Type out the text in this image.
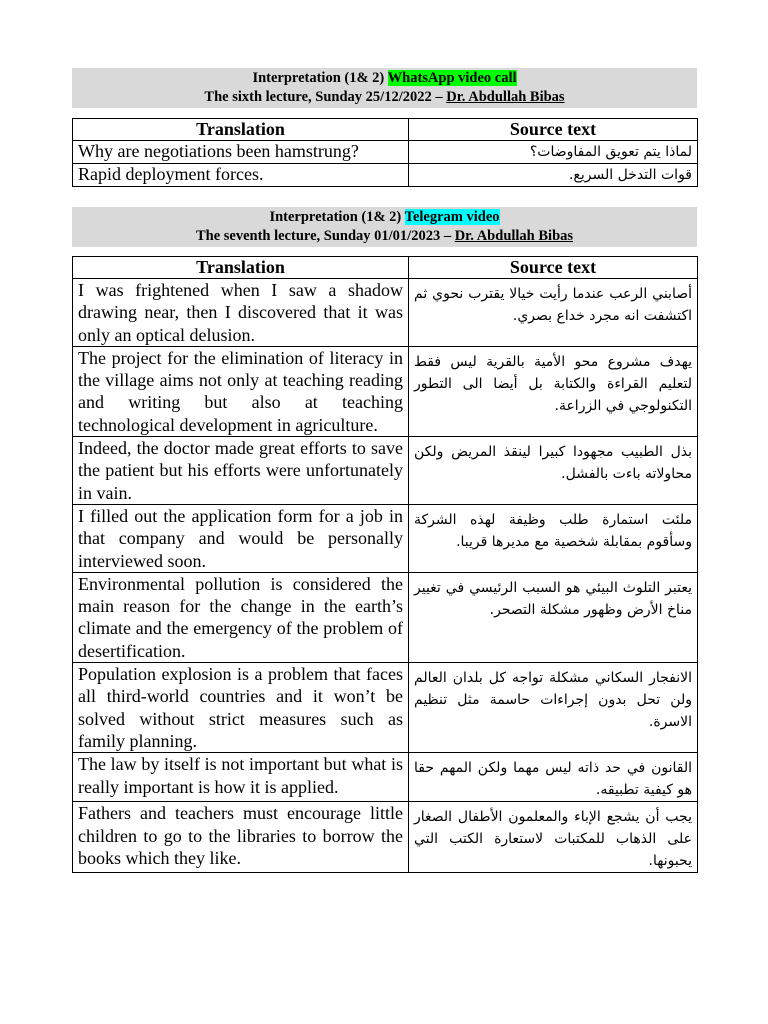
Interpretation (1& 2) WhatsApp video call
The sixth lecture, Sunday 25/12/2022 – Dr. Abdullah Bibas
Translation	Source text
Why are negotiations been hamstrung?	لماذا يتم تعويق المفاوضات؟
Rapid deployment forces.	قوات التدخل السريع.
Interpretation (1& 2) Telegram video
The seventh lecture, Sunday 01/01/2023 – Dr. Abdullah Bibas
Translation	Source text
I was frightened when I saw a shadow drawing near, then I discovered that it was only an optical delusion.	أصابني الرعب عندما رأيت خيالا يقترب نحوي ثم اكتشفت انه مجرد خداع بصري.
The project for the elimination of literacy in the village aims not only at teaching reading and writing but also at teaching technological development in agriculture.	يهدف مشروع محو الأمية بالقرية ليس فقط لتعليم القراءة والكتابة بل أيضا الى التطور التكنولوجي في الزراعة.
Indeed, the doctor made great efforts to save the patient but his efforts were unfortunately in vain.	بذل الطبيب مجهودا كبيرا لينقذ المريض ولكن محاولاته باءت بالفشل.
I filled out the application form for a job in that company and would be personally interviewed soon.	ملئت استمارة طلب وظيفة لهذه الشركة وسأقوم بمقابلة شخصية مع مديرها قريبا.
Environmental pollution is considered the main reason for the change in the earth’s climate and the emergency of the problem of desertification.	يعتبر التلوث البيئي هو السبب الرئيسي في تغيير مناخ الأرض وظهور مشكلة التصحر.
Population explosion is a problem that faces all third-world countries and it won’t be solved without strict measures such as family planning.	الانفجار السكاني مشكلة تواجه كل بلدان العالم ولن تحل بدون إجراءات حاسمة مثل تنظيم الاسرة.
The law by itself is not important but what is really important is how it is applied.	القانون في حد ذاته ليس مهما ولكن المهم حقا هو كيفية تطبيقه.
Fathers and teachers must encourage little children to go to the libraries to borrow the books which they like.	يجب أن يشجع الإباء والمعلمون الأطفال الصغار على الذهاب للمكتبات لاستعارة الكتب التي يحبونها.
